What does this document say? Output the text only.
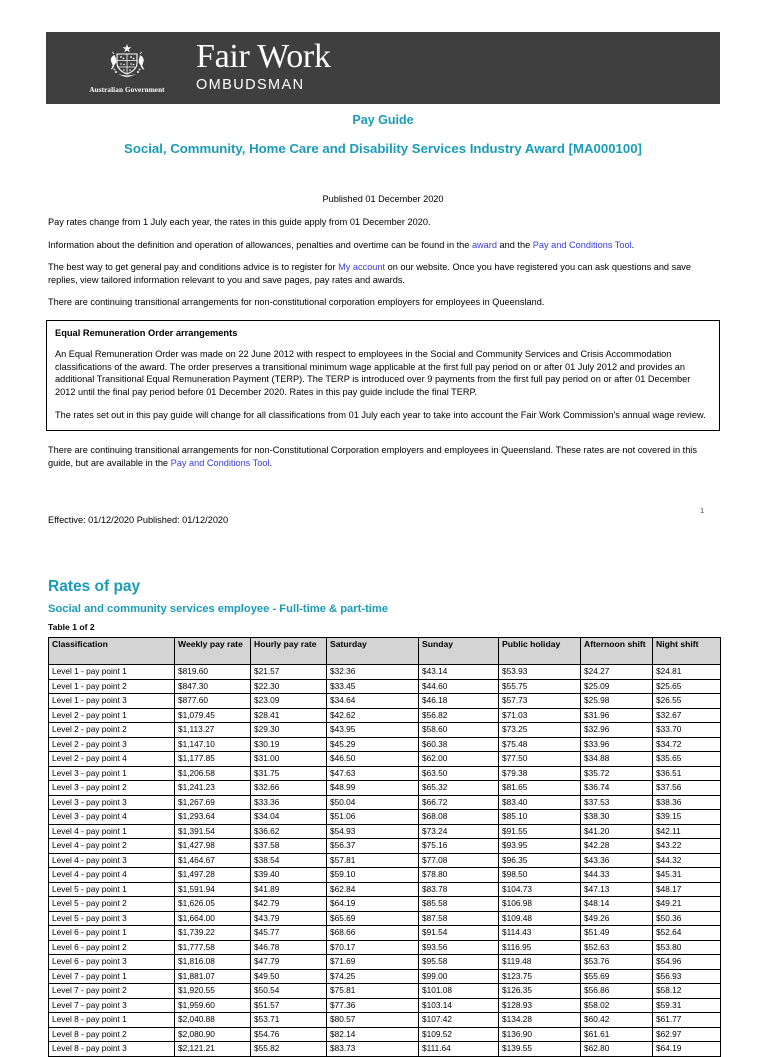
Australian Government
Fair Work
OMBUDSMAN
Pay Guide
Social, Community, Home Care and Disability Services Industry Award [MA000100]
Published 01 December 2020

Pay rates change from 1 July each year, the rates in this guide apply from 01 December 2020.

Information about the definition and operation of allowances, penalties and overtime can be found in the award and the Pay and Conditions Tool.

The best way to get general pay and conditions advice is to register for My account on our website. Once you have registered you can ask questions and save replies, view tailored information relevant to you and save pages, pay rates and awards.

There are continuing transitional arrangements for non-constitutional corporation employers for employees in Queensland.

Equal Remuneration Order arrangements

An Equal Remuneration Order was made on 22 June 2012 with respect to employees in the Social and Community Services and Crisis Accommodation classifications of the award. The order preserves a transitional minimum wage applicable at the first full pay period on or after 01 July 2012 and provides an additional Transitional Equal Remuneration Payment (TERP). The TERP is introduced over 9 payments from the first full pay period on or after 01 December 2012 until the final pay period before 01 December 2020. Rates in this pay guide include the final TERP.

The rates set out in this pay guide will change for all classifications from 01 July each year to take into account the Fair Work Commission's annual wage review.

There are continuing transitional arrangements for non-Constitutional Corporation employers and employees in Queensland. These rates are not covered in this guide, but are available in the Pay and Conditions Tool.
1
Effective: 01/12/2020 Published: 01/12/2020
Rates of pay
Social and community services employee - Full-time & part-time
Table 1 of 2
Classification	Weekly pay rate	Hourly pay rate	Saturday	Sunday	Public holiday	Afternoon shift	Night shift
Level 1 - pay point 1	$819.60	$21.57	$32.36	$43.14	$53.93	$24.27	$24.81
Level 1 - pay point 2	$847.30	$22.30	$33.45	$44.60	$55.75	$25.09	$25.65
Level 1 - pay point 3	$877.60	$23.09	$34.64	$46.18	$57.73	$25.98	$26.55
Level 2 - pay point 1	$1,079.45	$28.41	$42.62	$56.82	$71.03	$31.96	$32.67
Level 2 - pay point 2	$1,113.27	$29.30	$43.95	$58.60	$73.25	$32.96	$33.70
Level 2 - pay point 3	$1,147.10	$30.19	$45.29	$60.38	$75.48	$33.96	$34.72
Level 2 - pay point 4	$1,177.85	$31.00	$46.50	$62.00	$77.50	$34.88	$35.65
Level 3 - pay point 1	$1,206.58	$31.75	$47.63	$63.50	$79.38	$35.72	$36.51
Level 3 - pay point 2	$1,241.23	$32.66	$48.99	$65.32	$81.65	$36.74	$37.56
Level 3 - pay point 3	$1,267.69	$33.36	$50.04	$66.72	$83.40	$37.53	$38.36
Level 3 - pay point 4	$1,293.64	$34.04	$51.06	$68.08	$85.10	$38.30	$39.15
Level 4 - pay point 1	$1,391.54	$36.62	$54.93	$73.24	$91.55	$41.20	$42.11
Level 4 - pay point 2	$1,427.98	$37.58	$56.37	$75.16	$93.95	$42.28	$43.22
Level 4 - pay point 3	$1,464.67	$38.54	$57.81	$77.08	$96.35	$43.36	$44.32
Level 4 - pay point 4	$1,497.28	$39.40	$59.10	$78.80	$98.50	$44.33	$45.31
Level 5 - pay point 1	$1,591.94	$41.89	$62.84	$83.78	$104.73	$47.13	$48.17
Level 5 - pay point 2	$1,626.05	$42.79	$64.19	$85.58	$106.98	$48.14	$49.21
Level 5 - pay point 3	$1,664.00	$43.79	$65.69	$87.58	$109.48	$49.26	$50.36
Level 6 - pay point 1	$1,739.22	$45.77	$68.66	$91.54	$114.43	$51.49	$52.64
Level 6 - pay point 2	$1,777.58	$46.78	$70.17	$93.56	$116.95	$52.63	$53.80
Level 6 - pay point 3	$1,816.08	$47.79	$71.69	$95.58	$119.48	$53.76	$54.96
Level 7 - pay point 1	$1,881.07	$49.50	$74.25	$99.00	$123.75	$55.69	$56.93
Level 7 - pay point 2	$1,920.55	$50.54	$75.81	$101.08	$126.35	$56.86	$58.12
Level 7 - pay point 3	$1,959.60	$51.57	$77.36	$103.14	$128.93	$58.02	$59.31
Level 8 - pay point 1	$2,040.88	$53.71	$80.57	$107.42	$134.28	$60.42	$61.77
Level 8 - pay point 2	$2,080.90	$54.76	$82.14	$109.52	$136.90	$61.61	$62.97
Level 8 - pay point 3	$2,121.21	$55.82	$83.73	$111.64	$139.55	$62.80	$64.19
